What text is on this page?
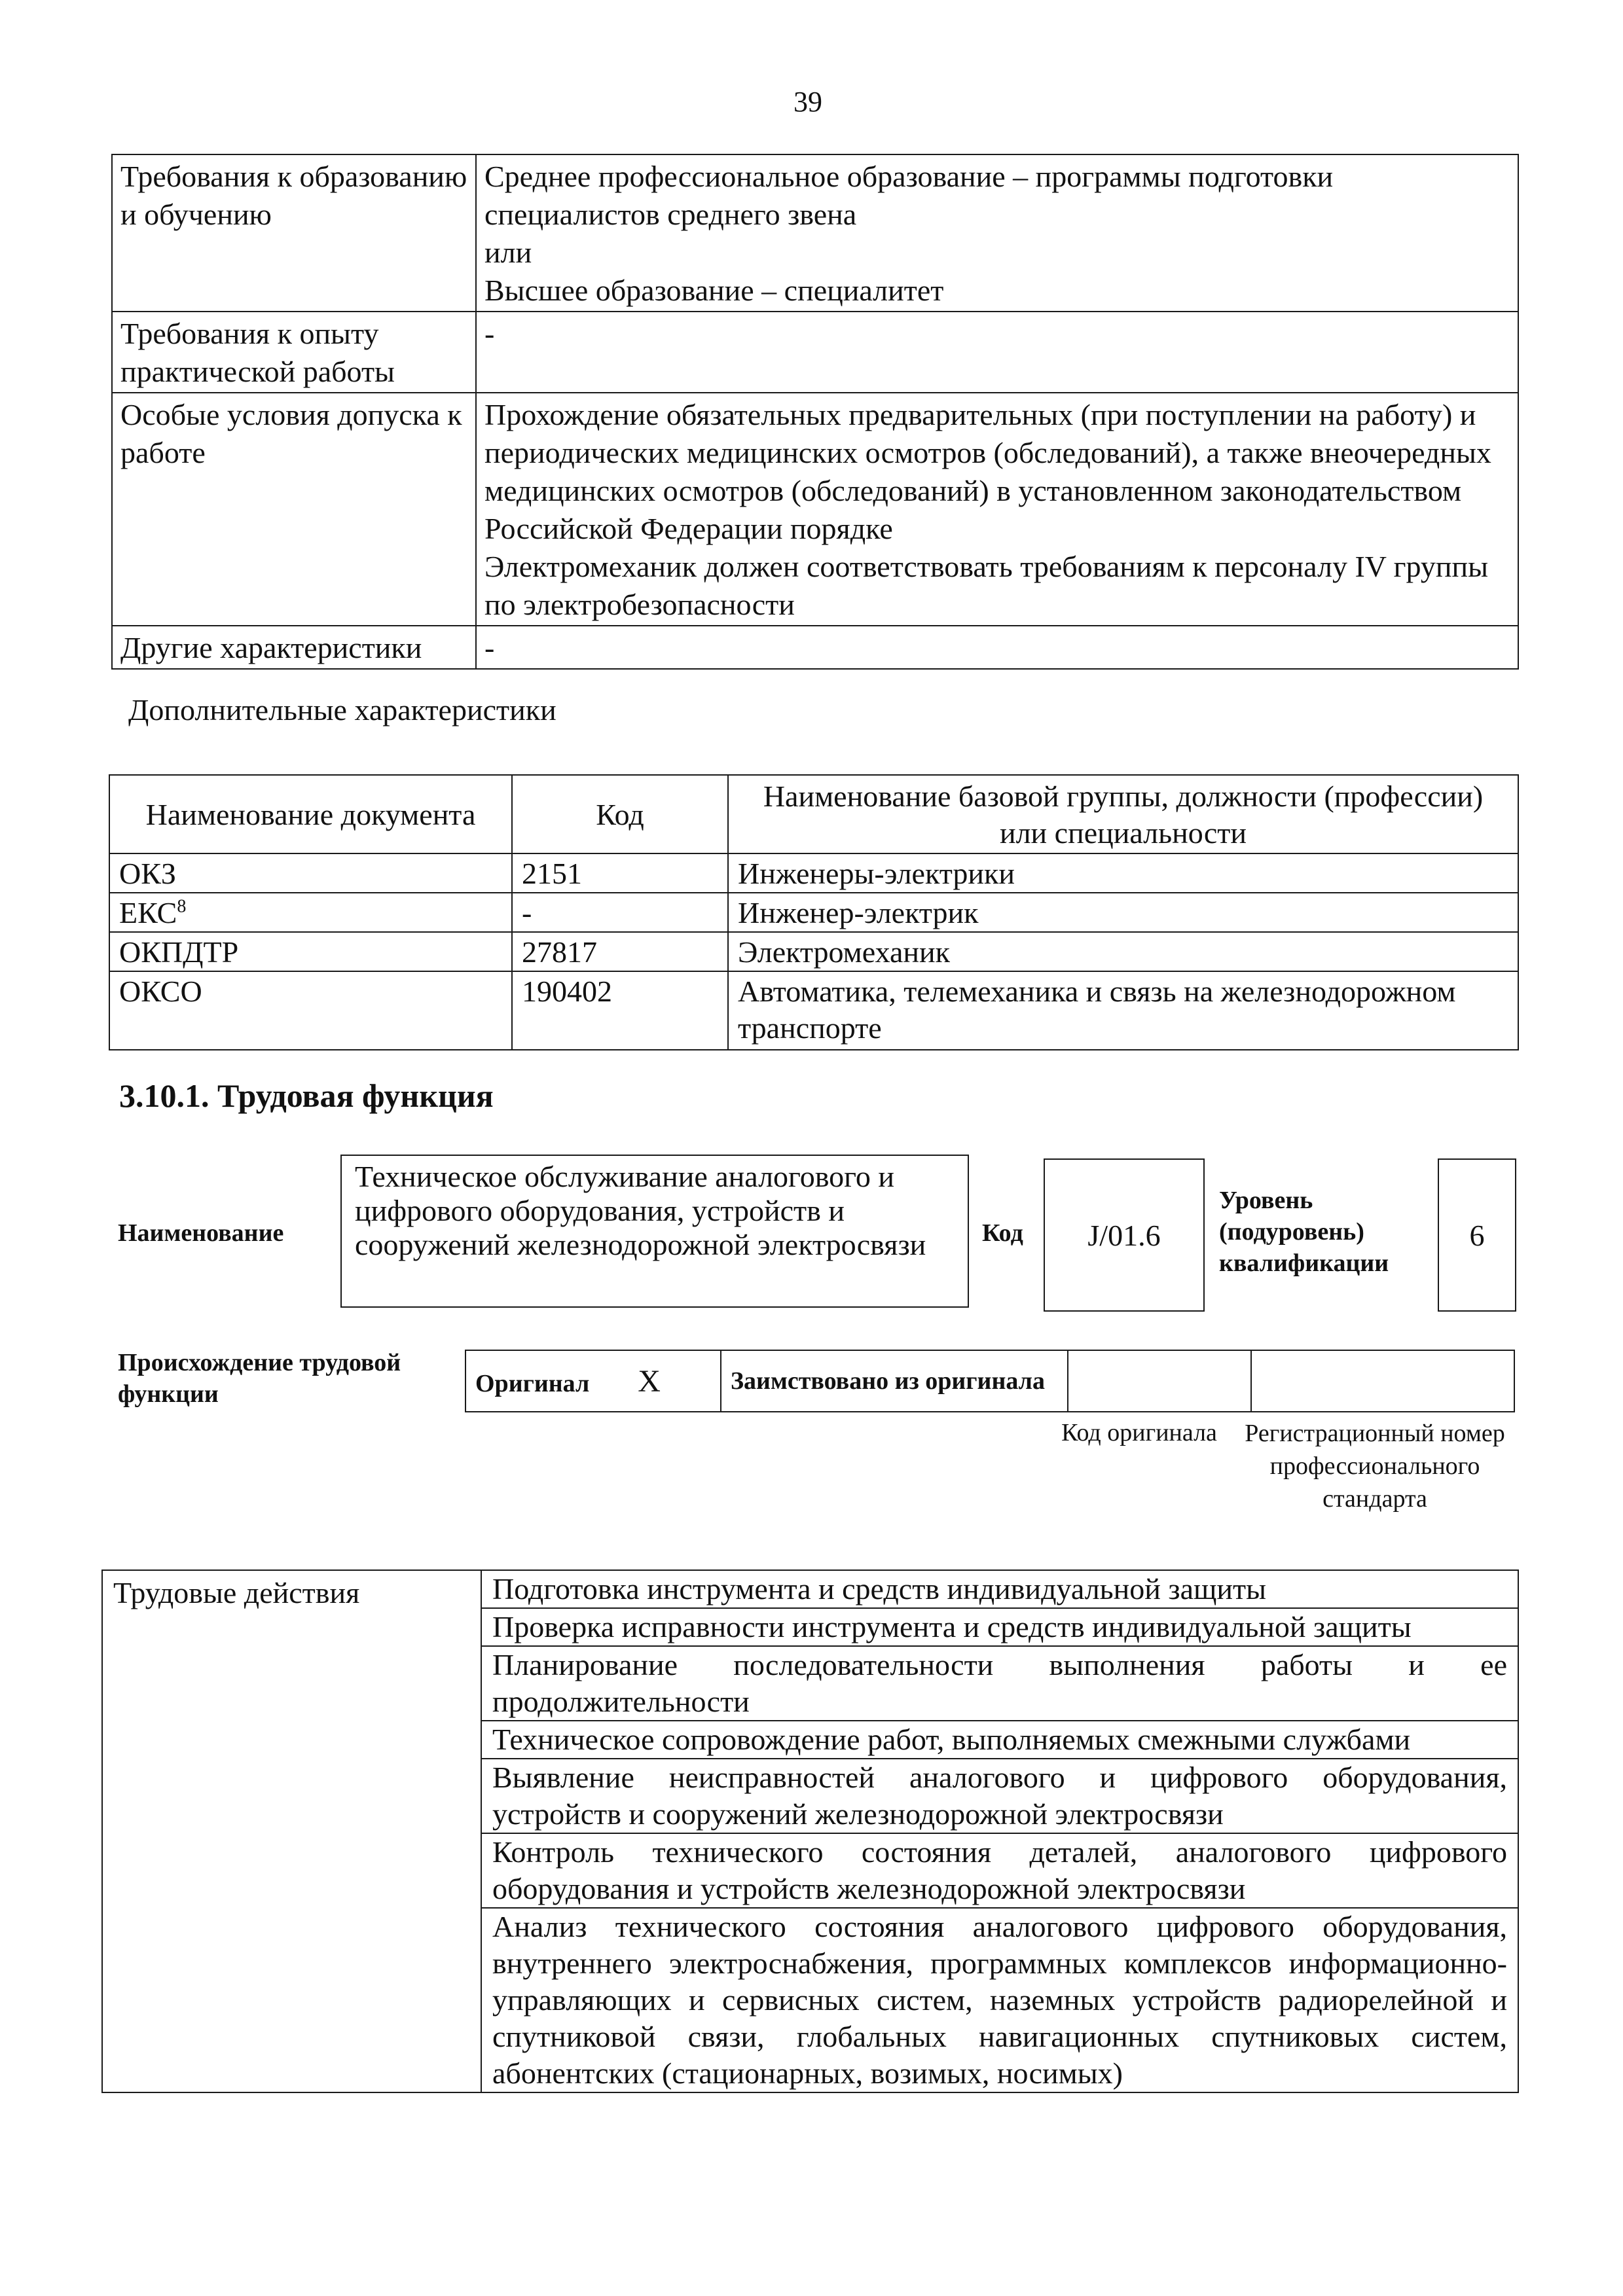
39
Требования к образованию и обучению	Среднее профессиональное образование – программы подготовки специалистов среднего звена
или
Высшее образование – специалитет

Требования к опыту практической работы	-
Особые условия допуска к работе	Прохождение обязательных предварительных (при поступлении на работу) и периодических медицинских осмотров (обследований), а также внеочередных медицинских осмотров (обследований) в установленном законодательством Российской Федерации порядке
Электромеханик должен соответствовать требованиям к персоналу IV группы по электробезопасности

Другие характеристики	-
Дополнительные характеристики
Наименование документа	Код	Наименование базовой группы, должности (профессии) или специальности
ОКЗ	2151	Инженеры-электрики
ЕКС$^8$	-	Инженер-электрик
ОКПДТР	27817	Электромеханик
ОКСО	190402	Автоматика, телемеханика и связь на железнодорожном транспорте
3.10.1. Трудовая функция
Наименование
Техническое обслуживание аналогового и цифрового оборудования, устройств и сооружений железнодорожной электросвязи	Код J/01.6
Уровень (подуровень) квалификации
6
Происхождение трудовой функции	Оригинал X	Заимствовано из оригинала		
Код оригинала	Регистрационный номер профессионального стандарта
Трудовые действия	Подготовка инструмента и средств индивидуальной защиты
Проверка исправности инструмента и средств индивидуальной защиты
Планирование последовательности выполнения работы и ее продолжительности
Техническое сопровождение работ, выполняемых смежными службами
Выявление неисправностей аналогового и цифрового оборудования, устройств и сооружений железнодорожной электросвязи
Контроль технического состояния деталей, аналогового цифрового оборудования и устройств железнодорожной электросвязи
Анализ технического состояния аналогового цифрового оборудования, внутреннего электроснабжения, программных комплексов информационно-управляющих и сервисных систем, наземных устройств радиорелейной и спутниковой связи, глобальных навигационных спутниковых систем, абонентских (стационарных, возимых, носимых)
